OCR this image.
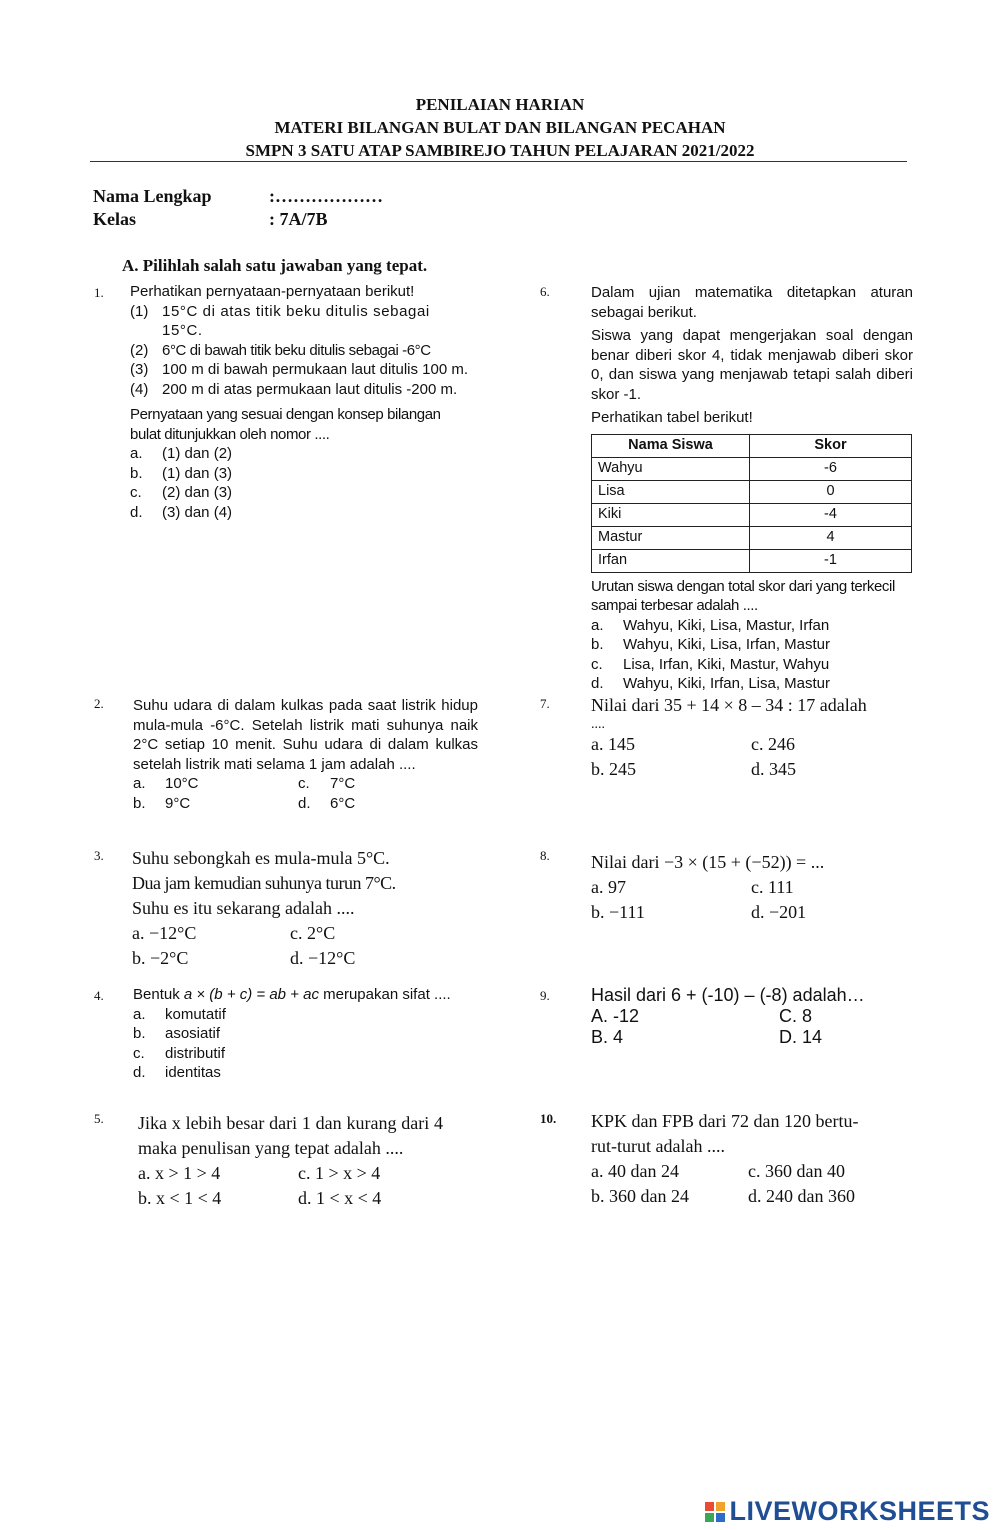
PENILAIAN HARIAN
MATERI BILANGAN BULAT DAN BILANGAN PECAHAN
SMPN 3 SATU ATAP SAMBIREJO TAHUN PELAJARAN 2021/2022
Nama Lengkap	:………………
Kelas	: 7A/7B
A. Pilihlah salah satu jawaban yang tepat.
1. Perhatikan pernyataan-pernyataan berikut!
(1) 15°C di atas titik beku ditulis sebagai 15°C.
(2) 6°C di bawah titik beku ditulis sebagai -6°C
(3) 100 m di bawah permukaan laut ditulis 100 m.
(4) 200 m di atas permukaan laut ditulis -200 m.
Pernyataan yang sesuai dengan konsep bilangan bulat ditunjukkan oleh nomor ....
a.	(1) dan (2)
b.	(1) dan (3)
c.	(2) dan (3)
d.	(3) dan (4)
2. Suhu udara di dalam kulkas pada saat listrik hidup mula-mula -6°C. Setelah listrik mati suhunya naik 2°C setiap 10 menit. Suhu udara di dalam kulkas setelah listrik mati selama 1 jam adalah ....
a.	10°C	c.	7°C
b.	9°C	d.	6°C
3. Suhu sebongkah es mula-mula 5°C.
Dua jam kemudian suhunya turun 7°C.
Suhu es itu sekarang adalah ....
a. −12°C	c. 2°C
b. −2°C	d. −12°C
4. Bentuk a × (b + c) = ab + ac merupakan sifat ....
a.	komutatif
b.	asosiatif
c.	distributif
d.	identitas
5. Jika x lebih besar dari 1 dan kurang dari 4 maka penulisan yang tepat adalah ....
a. x > 1 > 4	c. 1 > x > 4
b. x < 1 < 4	d. 1 < x < 4
6.	Dalam ujian matematika ditetapkan aturan sebagai berikut.
Siswa yang dapat mengerjakan soal dengan benar diberi skor 4, tidak menjawab diberi skor 0, dan siswa yang menjawab tetapi salah diberi skor -1.
Perhatikan tabel berikut!
Nama Siswa	Skor
Wahyu	-6
Lisa	0
Kiki	-4
Mastur	4
Irfan	-1
Urutan siswa dengan total skor dari yang terkecil sampai terbesar adalah ....
a.	Wahyu, Kiki, Lisa, Mastur, Irfan
b.	Wahyu, Kiki, Lisa, Irfan, Mastur
c.	Lisa, Irfan, Kiki, Mastur, Wahyu
d.	Wahyu, Kiki, Irfan, Lisa, Mastur
7. Nilai dari 35 + 14 × 8 – 34 : 17 adalah
....
a. 145	c. 246
b. 245	d. 345
8. Nilai dari −3 × (15 + (−52)) = ...
a. 97	c. 111
b. −111	d. −201
9. Hasil dari 6 + (-10) – (-8) adalah…
A. -12	C. 8
B. 4	D. 14
10. KPK dan FPB dari 72 dan 120 bertu-
rut-turut adalah ....
a. 40 dan 24	c. 360 dan 40
b. 360 dan 24	d. 240 dan 360
LIVEWORKSHEETS
